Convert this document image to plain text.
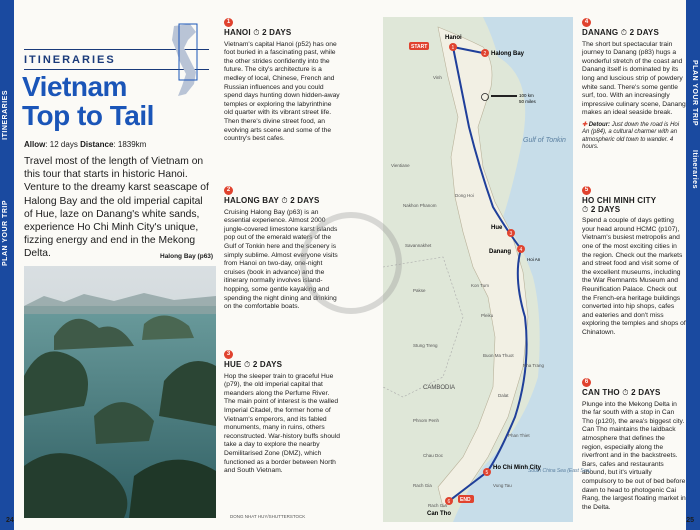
ITINERARIES
PLAN YOUR TRIP
ITINERARIES
Vietnam
Top to Tail
Allow: 12 days Distance: 1839km
Travel most of the length of Vietnam on this tour that starts in historic Hanoi. Venture to the dreamy karst seascape of Halong Bay and the old imperial capital of Hue, laze on Danang's white sands, experience Ho Chi Minh City's unique, fizzing energy and end in the Mekong Delta.	Halong Bay (p63)
DONG NHAT HUY/SHUTTERSTOCK
24
1
HANOI ⏱ 2 DAYS

Vietnam's capital Hanoi (p52) has one foot buried in a fascinating past, while the other strides confidently into the future. The city's architecture is a medley of local, Chinese, French and Russian influences and you could spend days hunting down hidden-away temples or exploring the labyrinthine old quarter with its vibrant street life. Then there's divine street food, an evolving arts scene and some of the country's best cafes.

2
HALONG BAY ⏱ 2 DAYS

Cruising Halong Bay (p63) is an essential experience. Almost 2000 jungle-covered limestone karst islands pop out of the emerald waters of the Gulf of Tonkin here and the scenery is simply sublime. Almost everyone visits from Hanoi on two-day, one-night cruises (book in advance) and the itinerary normally involves island-hopping, some gentle kayaking and spending the night dining and drinking on the comfortable boats.

3
HUE ⏱ 2 DAYS

Hop the sleeper train to graceful Hue (p79), the old imperial capital that meanders along the Perfume River. The main point of interest is the walled Imperial Citadel, the former home of Vietnam's emperors, and its fabled monuments, many in ruins, others reconstructed. War-history buffs should take a day to explore the nearby Demilitarised Zone (DMZ), which functioned as a border between North and South Vietnam.

PLAN YOUR TRIP
Itineraries
25
4
DANANG ⏱ 2 DAYS

The short but spectacular train journey to Danang (p83) hugs a wonderful stretch of the coast and Danang itself is dominated by its long and luscious strip of powdery white sand. There's some gentle surf, too. With an increasingly impressive culinary scene, Danang makes an ideal seaside break.

✚ Detour: Just down the road is Hoi An (p84), a cultural charmer with an atmospheric old town to wander. 4 hours.
5
HO CHI MINH CITY
⏱ 2 DAYS

Spend a couple of days getting your head around HCMC (p107), Vietnam's busiest metropolis and one of the most exciting cities in the region. Check out the markets and street food and visit some of the excellent museums, including the War Remnants Museum and Reunification Palace. Check out the French-era heritage buildings converted into hip shops, cafes and eateries and don't miss exploring the temples and shops of Chinatown.

6
CAN THO ⏱ 2 DAYS

Plunge into the Mekong Delta in the far south with a stop in Can Tho (p120), the area's biggest city. Can Tho maintains the laidback atmosphere that defines the region, especially along the riverfront and in the backstreets. Bars, cafes and restaurants abound, but it's virtually compulsory to be out of bed before dawn to head to photogenic Cai Rang, the largest floating market in the Delta.

Gulf of Tonkin
CAMBODIA
South China Sea (East Sea)
100 km
50 miles
Vinh
Vientiane
Nakhon Phanom
Dong Hoi
Savannakhet
Pakse
Kon Tum
Pleiku
Stung Treng
Buon Ma Thuot
Nha Trang
Dalat
Phnom Penh
Phan Thiet
Vung Tau
Chau Doc
Rach Gia
Rach Gia
START	1
Hanoi
2 Halong Bay
3
Hue
4
Danang
Hoi An
5
Ho Chi Minh City
6 END
Can Tho
